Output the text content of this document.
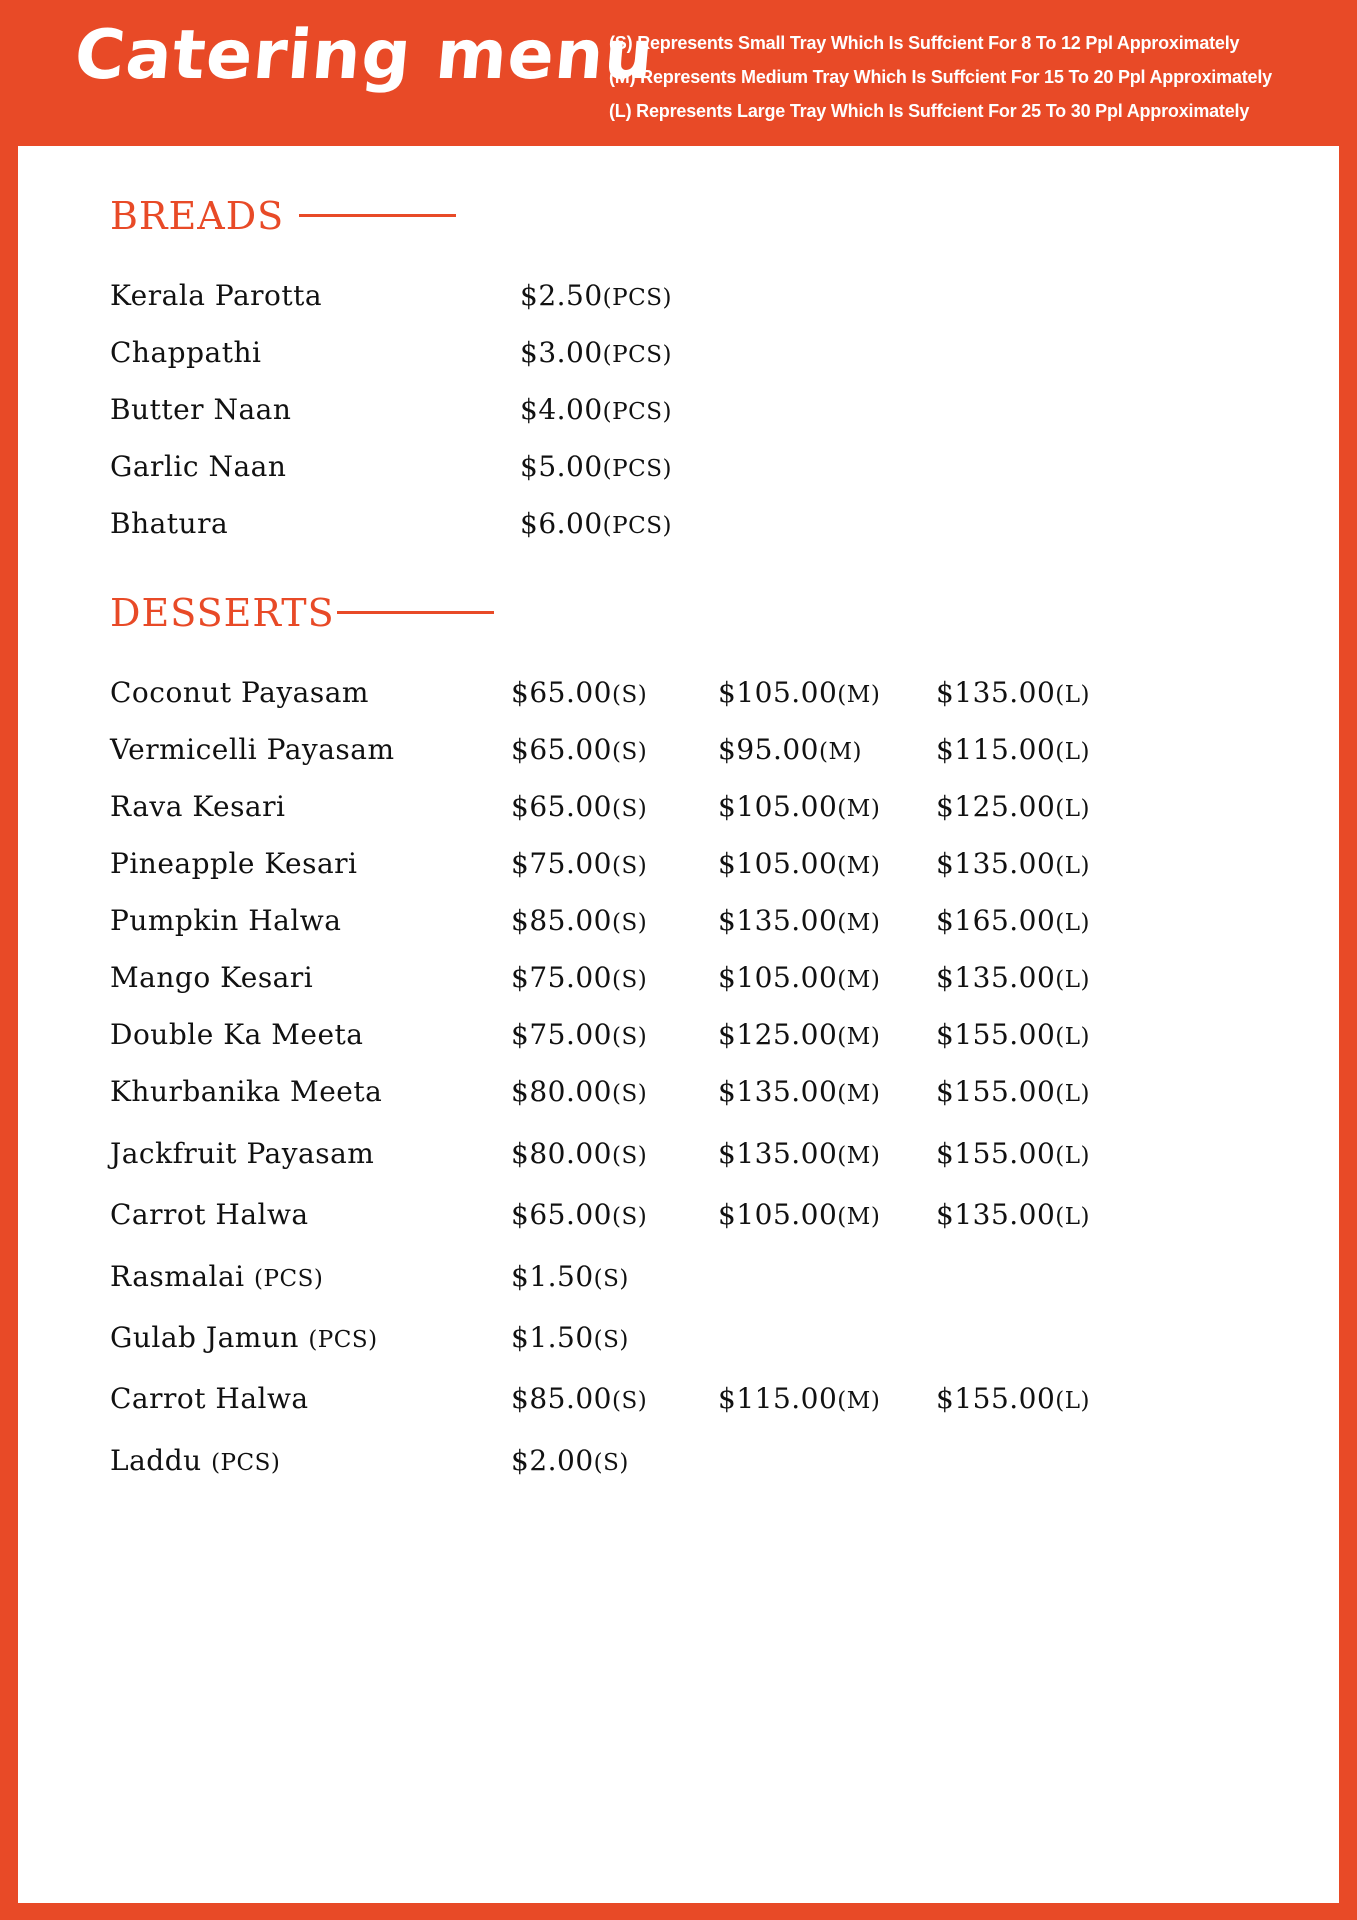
Catering menu
(S) Represents Small Tray Which Is Suffcient For 8 To 12 Ppl Approximately
(M) Represents Medium Tray Which Is Suffcient For 15 To 20 Ppl Approximately
(L) Represents Large Tray Which Is Suffcient For 25 To 30 Ppl Approximately
BREADS
Kerala Parotta	$2.50(PCS)
Chappathi	$3.00(PCS)
Butter Naan	$4.00(PCS)
Garlic Naan	$5.00(PCS)
Bhatura	$6.00(PCS)
DESSERTS
Coconut Payasam	$65.00(S)	$105.00(M) $135.00(L)
Vermicelli Payasam	$65.00(S)	$95.00(M)	$115.00(L)
Rava Kesari	$65.00(S)	$105.00(M) $125.00(L)
Pineapple Kesari	$75.00(S)	$105.00(M) $135.00(L)
Pumpkin Halwa	$85.00(S)	$135.00(M) $165.00(L)
Mango Kesari	$75.00(S)	$105.00(M) $135.00(L)
Double Ka Meeta	$75.00(S)	$125.00(M) $155.00(L)
Khurbanika Meeta	$80.00(S)	$135.00(M) $155.00(L)
Jackfruit Payasam	$80.00(S)	$135.00(M) $155.00(L)
Carrot Halwa	$65.00(S)	$105.00(M) $135.00(L)
Rasmalai (PCS)	$1.50(S)
Gulab Jamun (PCS)	$1.50(S)
Carrot Halwa	$85.00(S)	$115.00(M) $155.00(L)
Laddu (PCS)	$2.00(S)
